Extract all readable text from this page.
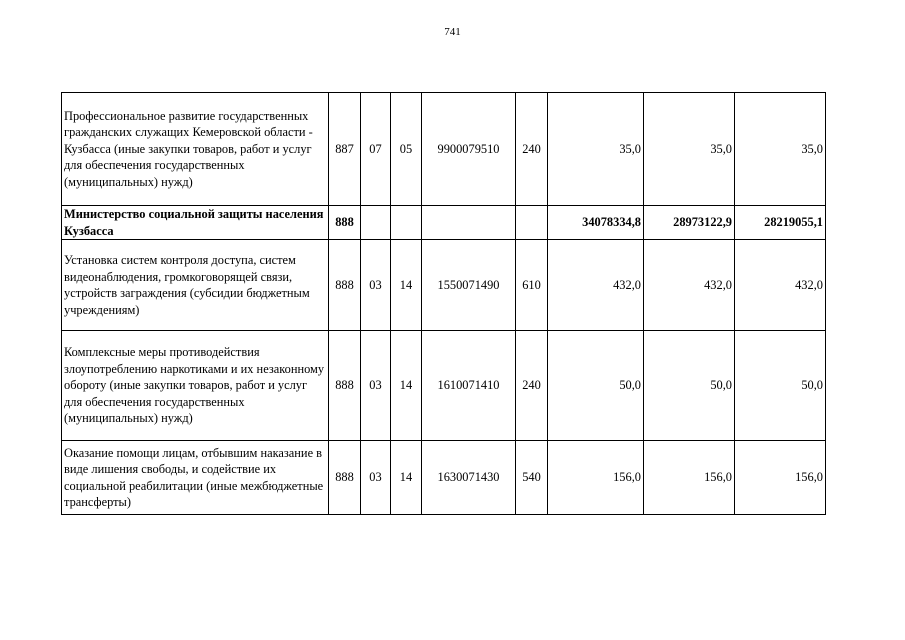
741
Профессиональное развитие государственных гражданских служащих Кемеровской области - Кузбасса (иные закупки товаров, работ и услуг для обеспечения государственных (муниципальных) нужд)	887	07	05	9900079510	240	35,0	35,0	35,0
Министерство социальной защиты населения Кузбасса	888					34078334,8	28973122,9	28219055,1
Установка систем контроля доступа, систем видеонаблюдения, громкоговорящей связи, устройств заграждения (субсидии бюджетным учреждениям)	888	03	14	1550071490	610	432,0	432,0	432,0
Комплексные меры противодействия злоупотреблению наркотиками и их незаконному обороту (иные закупки товаров, работ и услуг для обеспечения государственных (муниципальных) нужд)	888	03	14	1610071410	240	50,0	50,0	50,0
Оказание помощи лицам, отбывшим наказание в виде лишения свободы, и содействие их социальной реабилитации (иные межбюджетные трансферты)	888	03	14	1630071430	540	156,0	156,0	156,0
